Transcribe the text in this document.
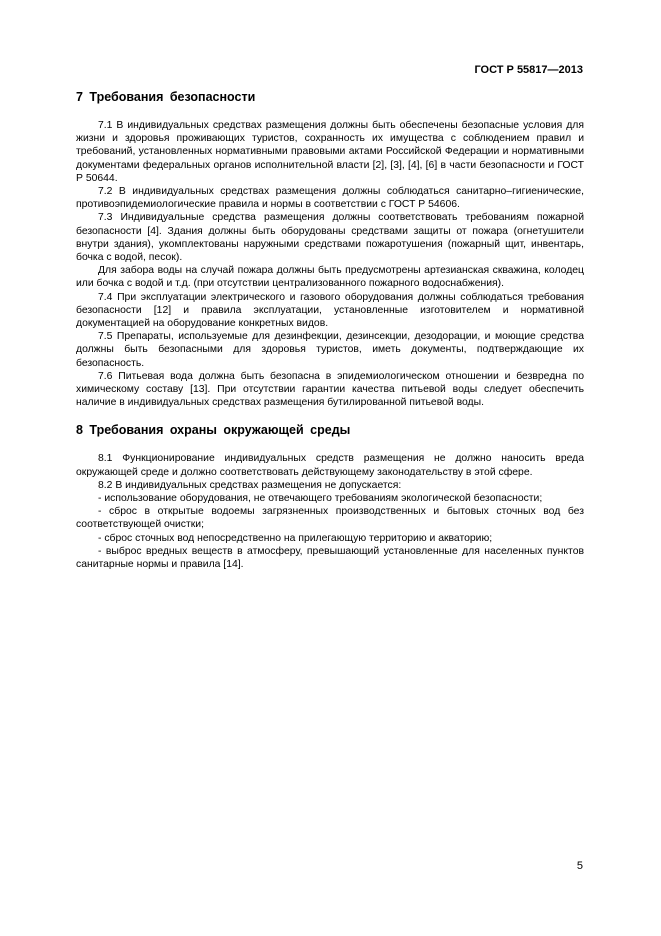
ГОСТ Р 55817—2013
7 Требования безопасности

7.1 В индивидуальных средствах размещения должны быть обеспечены безопасные условия для жизни и здоровья проживающих туристов, сохранность их имущества с соблюдением правил и требований, установленных нормативными правовыми актами Российской Федерации и нормативными документами федеральных органов исполнительной власти [2], [3], [4], [6] в части безопасности и ГОСТ Р 50644.

7.2 В индивидуальных средствах размещения должны соблюдаться санитарно–гигиенические, противоэпидемиологические правила и нормы в соответствии с ГОСТ Р 54606.

7.3 Индивидуальные средства размещения должны соответствовать требованиям пожарной безопасности [4]. Здания должны быть оборудованы средствами защиты от пожара (огнетушители внутри здания), укомплектованы наружными средствами пожаротушения (пожарный щит, инвентарь, бочка с водой, песок).

Для забора воды на случай пожара должны быть предусмотрены артезианская скважина, колодец или бочка с водой и т.д. (при отсутствии централизованного пожарного водоснабжения).

7.4 При эксплуатации электрического и газового оборудования должны соблюдаться требования безопасности [12] и правила эксплуатации, установленные изготовителем и нормативной документацией на оборудование конкретных видов.

7.5 Препараты, используемые для дезинфекции, дезинсекции, дезодорации, и моющие средства должны быть безопасными для здоровья туристов, иметь документы, подтверждающие их безопасность.

7.6 Питьевая вода должна быть безопасна в эпидемиологическом отношении и безвредна по химическому составу [13]. При отсутствии гарантии качества питьевой воды следует обеспечить наличие в индивидуальных средствах размещения бутилированной питьевой воды.

8 Требования охраны окружающей среды

8.1 Функционирование индивидуальных средств размещения не должно наносить вреда окружающей среде и должно соответствовать действующему законодательству в этой сфере.

8.2 В индивидуальных средствах размещения не допускается:

- использование оборудования, не отвечающего требованиям экологической безопасности;

- сброс в открытые водоемы загрязненных производственных и бытовых сточных вод без соответствующей очистки;

- сброс сточных вод непосредственно на прилегающую территорию и акваторию;

- выброс вредных веществ в атмосферу, превышающий установленные для населенных пунктов санитарные нормы и правила [14].

5
